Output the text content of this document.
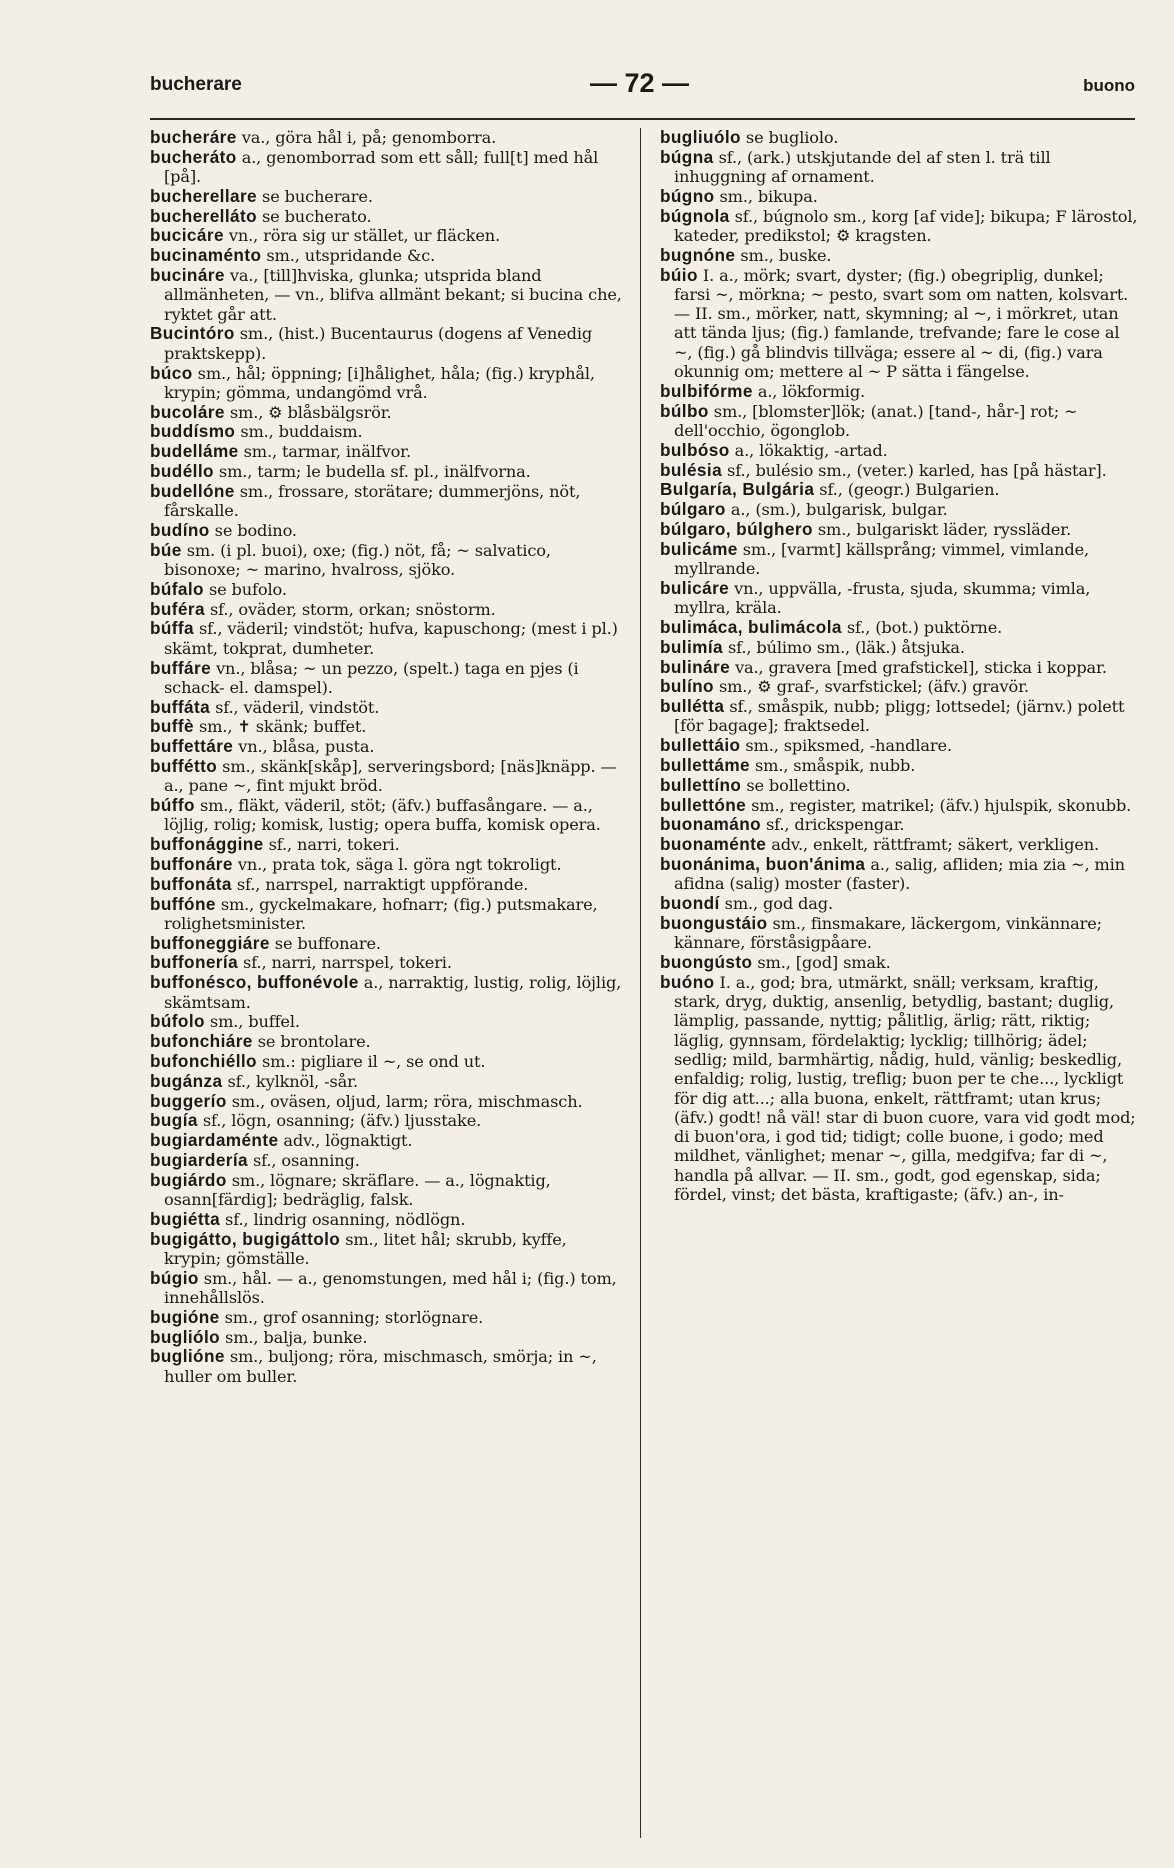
bucherare	— 72 —	buono

bucheráre va., göra hål i, på; genomborra.

bucheráto a., genomborrad som ett såll; full[t] med hål [på].

bucherellare se bucherare.

bucherelláto se bucherato.

bucicáre vn., röra sig ur stället, ur fläcken.

bucinaménto sm., utspridande &c.

bucináre va., [till]hviska, glunka; utsprida bland allmänheten, — vn., blifva allmänt bekant; si bucina che, ryktet går att.

Bucintóro sm., (hist.) Bucentaurus (dogens af Venedig praktskepp).

búco sm., hål; öppning; [i]hålighet, håla; (fig.) kryphål, krypin; gömma, undangömd vrå.

bucoláre sm., ⚙ blåsbälgsrör.

buddísmo sm., buddaism.

budelláme sm., tarmar, inälfvor.

budéllo sm., tarm; le budella sf. pl., inälfvorna.

budellóne sm., frossare, storätare; dummerjöns, nöt, fårskalle.

budíno se bodino.

búe sm. (i pl. buoi), oxe; (fig.) nöt, få; ~ salvatico, bisonoxe; ~ marino, hvalross, sjöko.

búfalo se bufolo.

buféra sf., oväder, storm, orkan; snöstorm.

búffa sf., väderil; vindstöt; hufva, kapuschong; (mest i pl.) skämt, tokprat, dumheter.

buffáre vn., blåsa; ~ un pezzo, (spelt.) taga en pjes (i schack- el. damspel).

buffáta sf., väderil, vindstöt.

buffè sm., ✝ skänk; buffet.

buffettáre vn., blåsa, pusta.

buffétto sm., skänk[skåp], serveringsbord; [näs]knäpp. — a., pane ~, fint mjukt bröd.

búffo sm., fläkt, väderil, stöt; (äfv.) buffasångare. — a., löjlig, rolig; komisk, lustig; opera buffa, komisk opera.

buffonággine sf., narri, tokeri.

buffonáre vn., prata tok, säga l. göra ngt tokroligt.

buffonáta sf., narrspel, narraktigt uppförande.

buffóne sm., gyckelmakare, hofnarr; (fig.) putsmakare, rolighetsminister.

buffoneggiáre se buffonare.

buffonería sf., narri, narrspel, tokeri.

buffonésco, buffonévole a., narraktig, lustig, rolig, löjlig, skämtsam.

búfolo sm., buffel.

bufonchiáre se brontolare.

bufonchiéllo sm.: pigliare il ~, se ond ut.

bugánza sf., kylknöl, -sår.

buggerío sm., oväsen, oljud, larm; röra, mischmasch.

bugía sf., lögn, osanning; (äfv.) ljusstake.

bugiardaménte adv., lögnaktigt.

bugiardería sf., osanning.

bugiárdo sm., lögnare; skräflare. — a., lögnaktig, osann[färdig]; bedräglig, falsk.

bugiétta sf., lindrig osanning, nödlögn.

bugigátto, bugigáttolo sm., litet hål; skrubb, kyffe, krypin; gömställe.

búgio sm., hål. — a., genomstungen, med hål i; (fig.) tom, innehållslös.

bugióne sm., grof osanning; storlögnare.

bugliólo sm., balja, bunke.

buglióne sm., buljong; röra, mischmasch, smörja; in ~, huller om buller.

bugliuólo se bugliolo.

búgna sf., (ark.) utskjutande del af sten l. trä till inhuggning af ornament.

búgno sm., bikupa.

búgnola sf., búgnolo sm., korg [af vide]; bikupa; F lärostol, kateder, predikstol; ⚙ kragsten.

bugnóne sm., buske.

búio I. a., mörk; svart, dyster; (fig.) obegriplig, dunkel; farsi ~, mörkna; ~ pesto, svart som om natten, kolsvart. — II. sm., mörker, natt, skymning; al ~, i mörkret, utan att tända ljus; (fig.) famlande, trefvande; fare le cose al ~, (fig.) gå blindvis tillväga; essere al ~ di, (fig.) vara okunnig om; mettere al ~ P sätta i fängelse.

bulbifórme a., lökformig.

búlbo sm., [blomster]lök; (anat.) [tand-, hår-] rot; ~ dell'occhio, ögonglob.

bulbóso a., lökaktig, -artad.

bulésia sf., bulésio sm., (veter.) karled, has [på hästar].

Bulgaría, Bulgária sf., (geogr.) Bulgarien.

búlgaro a., (sm.), bulgarisk, bulgar.

búlgaro, búlghero sm., bulgariskt läder, ryssläder.

bulicáme sm., [varmt] källsprång; vimmel, vimlande, myllrande.

bulicáre vn., uppvälla, -frusta, sjuda, skumma; vimla, myllra, kräla.

bulimáca, bulimácola sf., (bot.) puktörne.

bulimía sf., búlimo sm., (läk.) åtsjuka.

bulináre va., gravera [med grafstickel], sticka i koppar.

bulíno sm., ⚙ graf-, svarfstickel; (äfv.) gravör.

bullétta sf., småspik, nubb; pligg; lottsedel; (järnv.) polett [för bagage]; fraktsedel.

bullettáio sm., spiksmed, -handlare.

bullettáme sm., småspik, nubb.

bullettíno se bollettino.

bullettóne sm., register, matrikel; (äfv.) hjulspik, skonubb.

buonamáno sf., drickspengar.

buonaménte adv., enkelt, rättframt; säkert, verkligen.

buonánima, buon'ánima a., salig, afliden; mia zia ~, min afidna (salig) moster (faster).

buondí sm., god dag.

buongustáio sm., finsmakare, läckergom, vinkännare; kännare, förståsigpåare.

buongústo sm., [god] smak.

buóno I. a., god; bra, utmärkt, snäll; verksam, kraftig, stark, dryg, duktig, ansenlig, betydlig, bastant; duglig, lämplig, passande, nyttig; pålitlig, ärlig; rätt, riktig; läglig, gynnsam, fördelaktig; lycklig; tillhörig; ädel; sedlig; mild, barmhärtig, nådig, huld, vänlig; beskedlig, enfaldig; rolig, lustig, treflig; buon per te che..., lyckligt för dig att...; alla buona, enkelt, rättframt; utan krus; (äfv.) godt! nå väl! star di buon cuore, vara vid godt mod; di buon'ora, i god tid; tidigt; colle buone, i godo; med mildhet, vänlighet; menar ~, gilla, medgifva; far di ~, handla på allvar. — II. sm., godt, god egenskap, sida; fördel, vinst; det bästa, kraftigaste; (äfv.) an-, in-
